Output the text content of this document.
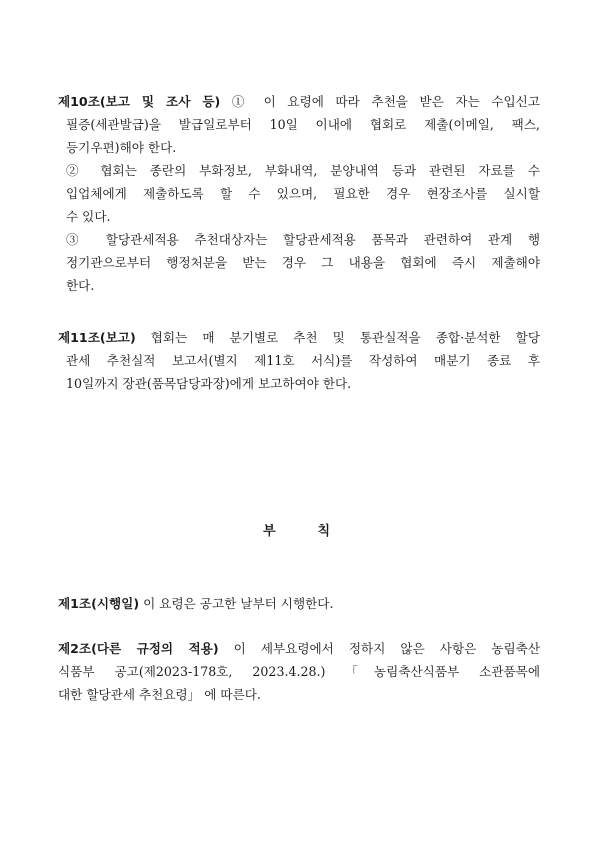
제10조(보고 및 조사 등) ① 이 요령에 따라 추천을 받은 자는 수입신고
필증(세관발급)을 발급일로부터 10일 이내에 협회로 제출(이메일, 팩스,
등기우편)해야 한다.
② 협회는 종란의 부화정보, 부화내역, 분양내역 등과 관련된 자료를 수
입업체에게 제출하도록 할 수 있으며, 필요한 경우 현장조사를 실시할
수 있다.
③ 할당관세적용 추천대상자는 할당관세적용 품목과 관련하여 관계 행
정기관으로부터 행정처분을 받는 경우 그 내용을 협회에 즉시 제출해야
한다.
제11조(보고) 협회는 매 분기별로 추천 및 통관실적을 종합·분석한 할당
관세 추천실적 보고서(별지 제11호 서식)를 작성하여 매분기 종료 후
10일까지 장관(품목담당과장)에게 보고하여야 한다.
부	칙
제1조(시행일) 이 요령은 공고한 날부터 시행한다.
제2조(다른 규정의 적용) 이 세부요령에서 정하지 않은 사항은 농림축산
식품부 공고(제2023-178호, 2023.4.28.) 「농림축산식품부 소관품목에
대한 할당관세 추천요령」 에 따른다.
